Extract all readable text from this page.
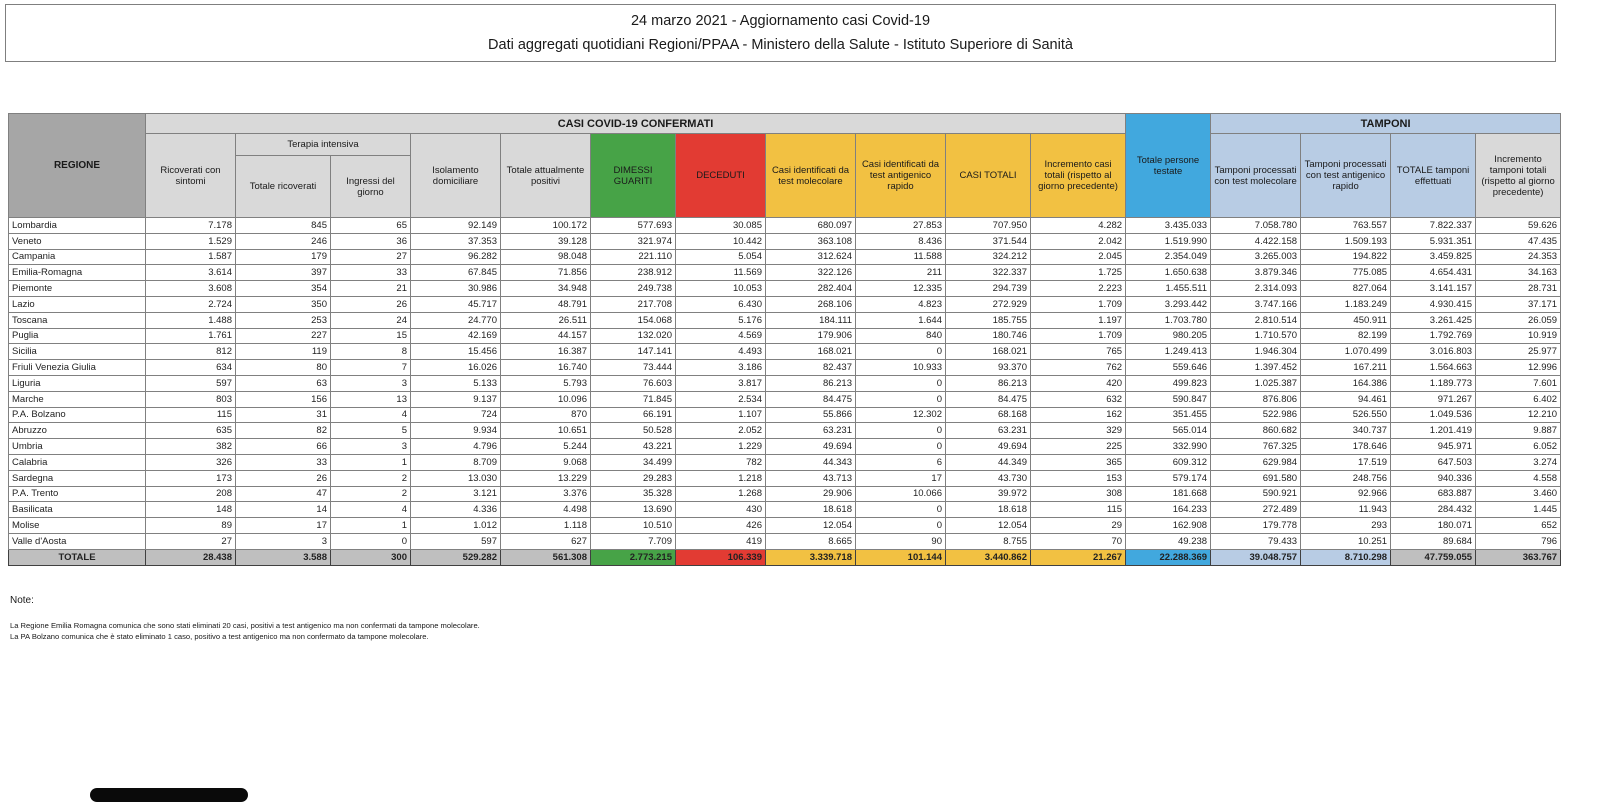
24 marzo 2021 - Aggiornamento casi Covid-19
Dati aggregati quotidiani Regioni/PPAA - Ministero della Salute - Istituto Superiore di Sanità
REGIONE	CASI COVID-19 CONFERMATI											Totale persone testate	TAMPONI			
	Ricoverati con sintomi	Terapia intensiva		Isolamento domiciliare	Totale attualmente positivi	DIMESSI GUARITI	DECEDUTI	Casi identificati da test molecolare	Casi identificati da test antigenico rapido	CASI TOTALI	Incremento casi totali (rispetto al giorno precedente)		Tamponi processati con test molecolare	Tamponi processati con test antigenico rapido	TOTALE tamponi effettuati	Incremento tamponi totali (rispetto al giorno precedente)
		Totale ricoverati	Ingressi del giorno													
Lombardia	7.178	845	65	92.149	100.172	577.693	30.085	680.097	27.853	707.950	4.282	3.435.033	7.058.780	763.557	7.822.337	59.626
Veneto	1.529	246	36	37.353	39.128	321.974	10.442	363.108	8.436	371.544	2.042	1.519.990	4.422.158	1.509.193	5.931.351	47.435
Campania	1.587	179	27	96.282	98.048	221.110	5.054	312.624	11.588	324.212	2.045	2.354.049	3.265.003	194.822	3.459.825	24.353
Emilia-Romagna	3.614	397	33	67.845	71.856	238.912	11.569	322.126	211	322.337	1.725	1.650.638	3.879.346	775.085	4.654.431	34.163
Piemonte	3.608	354	21	30.986	34.948	249.738	10.053	282.404	12.335	294.739	2.223	1.455.511	2.314.093	827.064	3.141.157	28.731
Lazio	2.724	350	26	45.717	48.791	217.708	6.430	268.106	4.823	272.929	1.709	3.293.442	3.747.166	1.183.249	4.930.415	37.171
Toscana	1.488	253	24	24.770	26.511	154.068	5.176	184.111	1.644	185.755	1.197	1.703.780	2.810.514	450.911	3.261.425	26.059
Puglia	1.761	227	15	42.169	44.157	132.020	4.569	179.906	840	180.746	1.709	980.205	1.710.570	82.199	1.792.769	10.919
Sicilia	812	119	8	15.456	16.387	147.141	4.493	168.021	0	168.021	765	1.249.413	1.946.304	1.070.499	3.016.803	25.977
Friuli Venezia Giulia	634	80	7	16.026	16.740	73.444	3.186	82.437	10.933	93.370	762	559.646	1.397.452	167.211	1.564.663	12.996
Liguria	597	63	3	5.133	5.793	76.603	3.817	86.213	0	86.213	420	499.823	1.025.387	164.386	1.189.773	7.601
Marche	803	156	13	9.137	10.096	71.845	2.534	84.475	0	84.475	632	590.847	876.806	94.461	971.267	6.402
P.A. Bolzano	115	31	4	724	870	66.191	1.107	55.866	12.302	68.168	162	351.455	522.986	526.550	1.049.536	12.210
Abruzzo	635	82	5	9.934	10.651	50.528	2.052	63.231	0	63.231	329	565.014	860.682	340.737	1.201.419	9.887
Umbria	382	66	3	4.796	5.244	43.221	1.229	49.694	0	49.694	225	332.990	767.325	178.646	945.971	6.052
Calabria	326	33	1	8.709	9.068	34.499	782	44.343	6	44.349	365	609.312	629.984	17.519	647.503	3.274
Sardegna	173	26	2	13.030	13.229	29.283	1.218	43.713	17	43.730	153	579.174	691.580	248.756	940.336	4.558
P.A. Trento	208	47	2	3.121	3.376	35.328	1.268	29.906	10.066	39.972	308	181.668	590.921	92.966	683.887	3.460
Basilicata	148	14	4	4.336	4.498	13.690	430	18.618	0	18.618	115	164.233	272.489	11.943	284.432	1.445
Molise	89	17	1	1.012	1.118	10.510	426	12.054	0	12.054	29	162.908	179.778	293	180.071	652
Valle d'Aosta	27	3	0	597	627	7.709	419	8.665	90	8.755	70	49.238	79.433	10.251	89.684	796
TOTALE	28.438	3.588	300	529.282	561.308	2.773.215	106.339	3.339.718	101.144	3.440.862	21.267	22.288.369	39.048.757	8.710.298	47.759.055	363.767
Note:
La Regione Emilia Romagna comunica che sono stati eliminati 20 casi, positivi a test antigenico ma non confermati da tampone molecolare.
La PA Bolzano comunica che è stato eliminato 1 caso, positivo a test antigenico ma non confermato da tampone molecolare.
